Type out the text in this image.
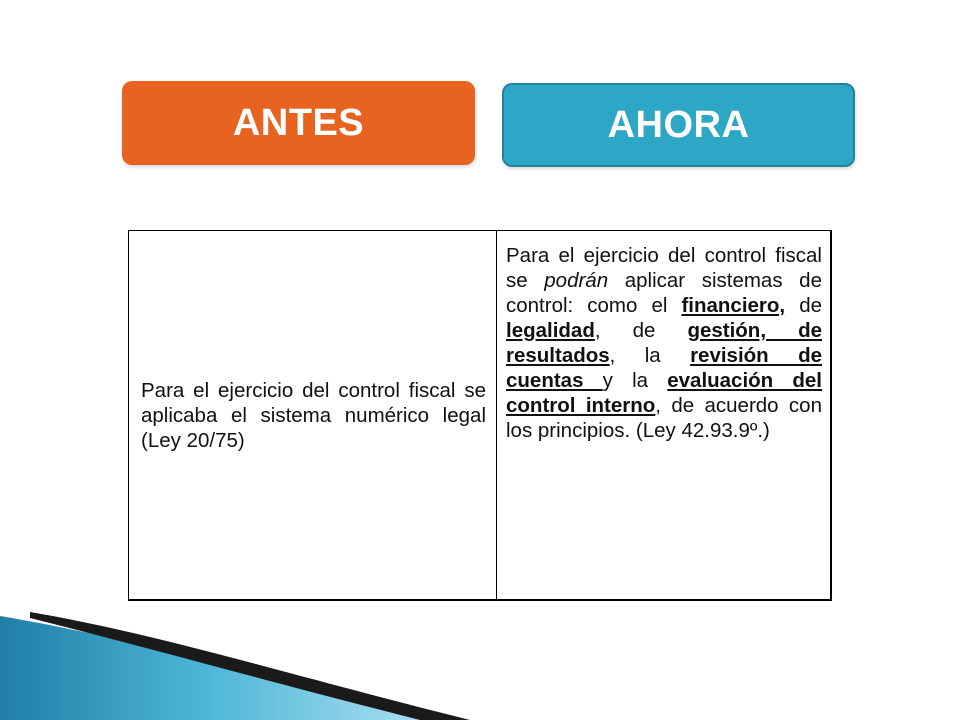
ANTES	AHORA
Para el ejercicio del control fiscal se aplicaba el sistema numérico legal (Ley 20/75)	Para el ejercicio del control fiscal se podrán aplicar sistemas de control: como el financiero, de legalidad, de gestión, de resultados, la revisión de cuentas y la evaluación del control interno, de acuerdo con los principios. (Ley 42.93.9º.)
